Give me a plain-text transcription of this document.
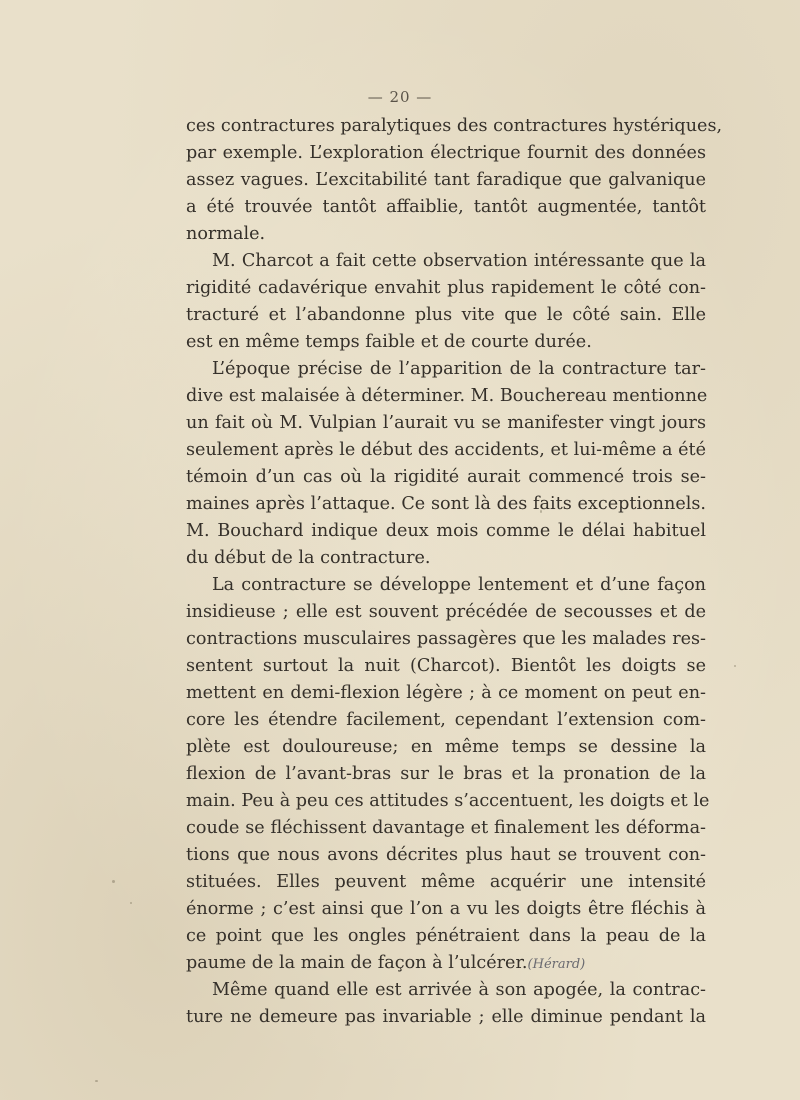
— 20 —
ces contractures paralytiques des contractures hystériques,
par exemple. L’exploration électrique fournit des données
assez vagues. L’excitabilité tant faradique que galvanique
a été trouvée tantôt affaiblie, tantôt augmentée, tantôt
normale.
M. Charcot a fait cette observation intéressante que la
rigidité cadavérique envahit plus rapidement le côté con-
tracturé et l’abandonne plus vite que le côté sain. Elle
est en même temps faible et de courte durée.
L’époque précise de l’apparition de la contracture tar-
dive est malaisée à déterminer. M. Bouchereau mentionne
un fait où M. Vulpian l’aurait vu se manifester vingt jours
seulement après le début des accidents, et lui-même a été
témoin d’un cas où la rigidité aurait commencé trois se-
maines après l’attaque. Ce sont là des faits exceptionnels.
M. Bouchard indique deux mois comme le délai habituel
du début de la contracture.
La contracture se développe lentement et d’une façon
insidieuse ; elle est souvent précédée de secousses et de
contractions musculaires passagères que les malades res-
sentent surtout la nuit (Charcot). Bientôt les doigts se
mettent en demi-flexion légère ; à ce moment on peut en-
core les étendre facilement, cependant l’extension com-
plète est douloureuse; en même temps se dessine la
flexion de l’avant-bras sur le bras et la pronation de la
main. Peu à peu ces attitudes s’accentuent, les doigts et le
coude se fléchissent davantage et finalement les déforma-
tions que nous avons décrites plus haut se trouvent con-
stituées. Elles peuvent même acquérir une intensité
énorme ; c’est ainsi que l’on a vu les doigts être fléchis à
ce point que les ongles pénétraient dans la peau de la
paume de la main de façon à l’ulcérer.(Hérard)
Même quand elle est arrivée à son apogée, la contrac-
ture ne demeure pas invariable ; elle diminue pendant la
